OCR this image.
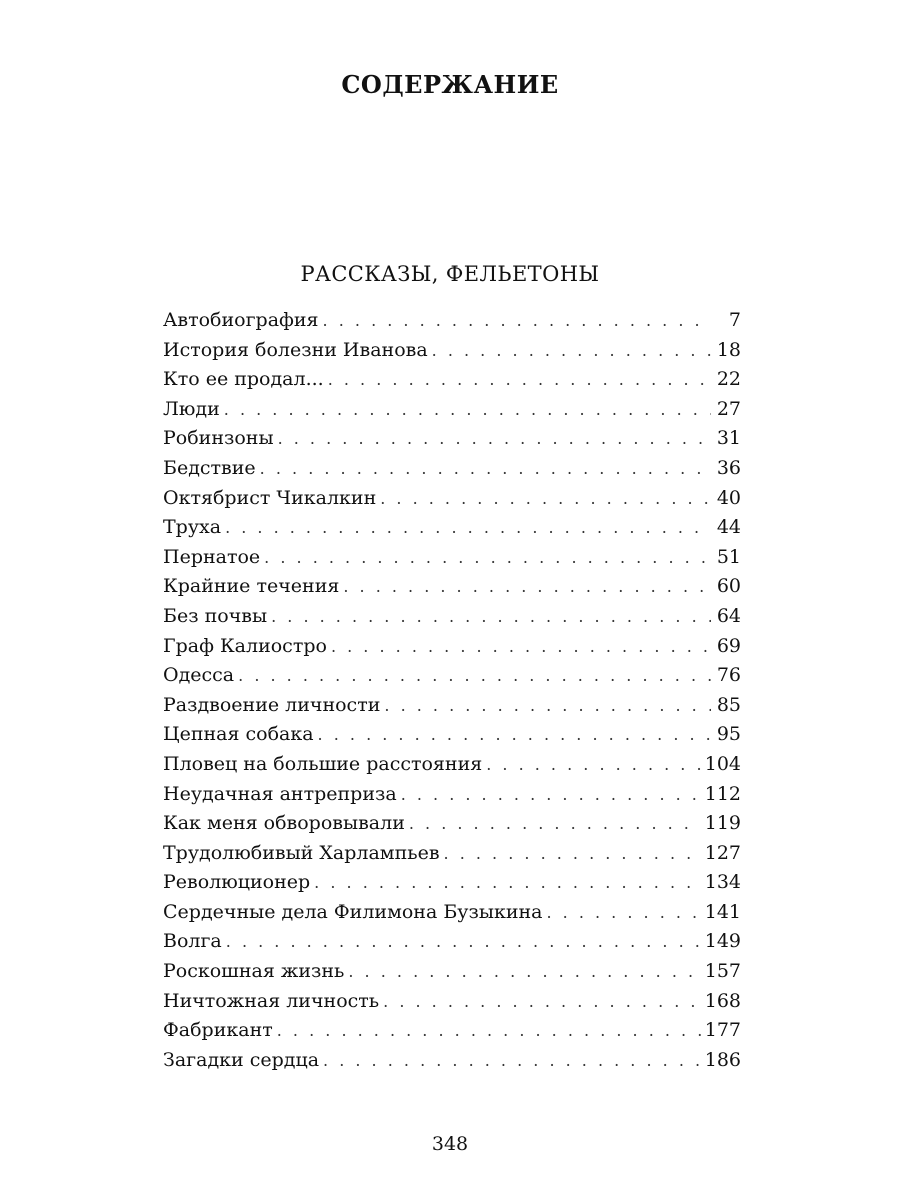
СОДЕРЖАНИЕ
РАССКАЗЫ, ФЕЛЬЕТОНЫ
Автобиография . . .	7
История болезни Иванова . . .	18
Кто ее продал... . . .	22
Люди . . .	27
Робинзоны . . .	31
Бедствие . . .	36
Октябрист Чикалкин . . .	40
Труха . . .	44
Пернатое . . .	51
Крайние течения . . .	60
Без почвы . . .	64
Граф Калиостро . . .	69
Одесса . . .	76
Раздвоение личности . . .	85
Цепная собака . . .	95
Пловец на большие расстояния . . .	104
Неудачная антреприза . . .	112
Как меня обворовывали . . .	119
Трудолюбивый Харлампьев . . .	127
Революционер . . .	134
Сердечные дела Филимона Бузыкина . . .	141
Волга . . .	149
Роскошная жизнь . . .	157
Ничтожная личность . . .	168
Фабрикант . . .	177
Загадки сердца . . .	186
348
